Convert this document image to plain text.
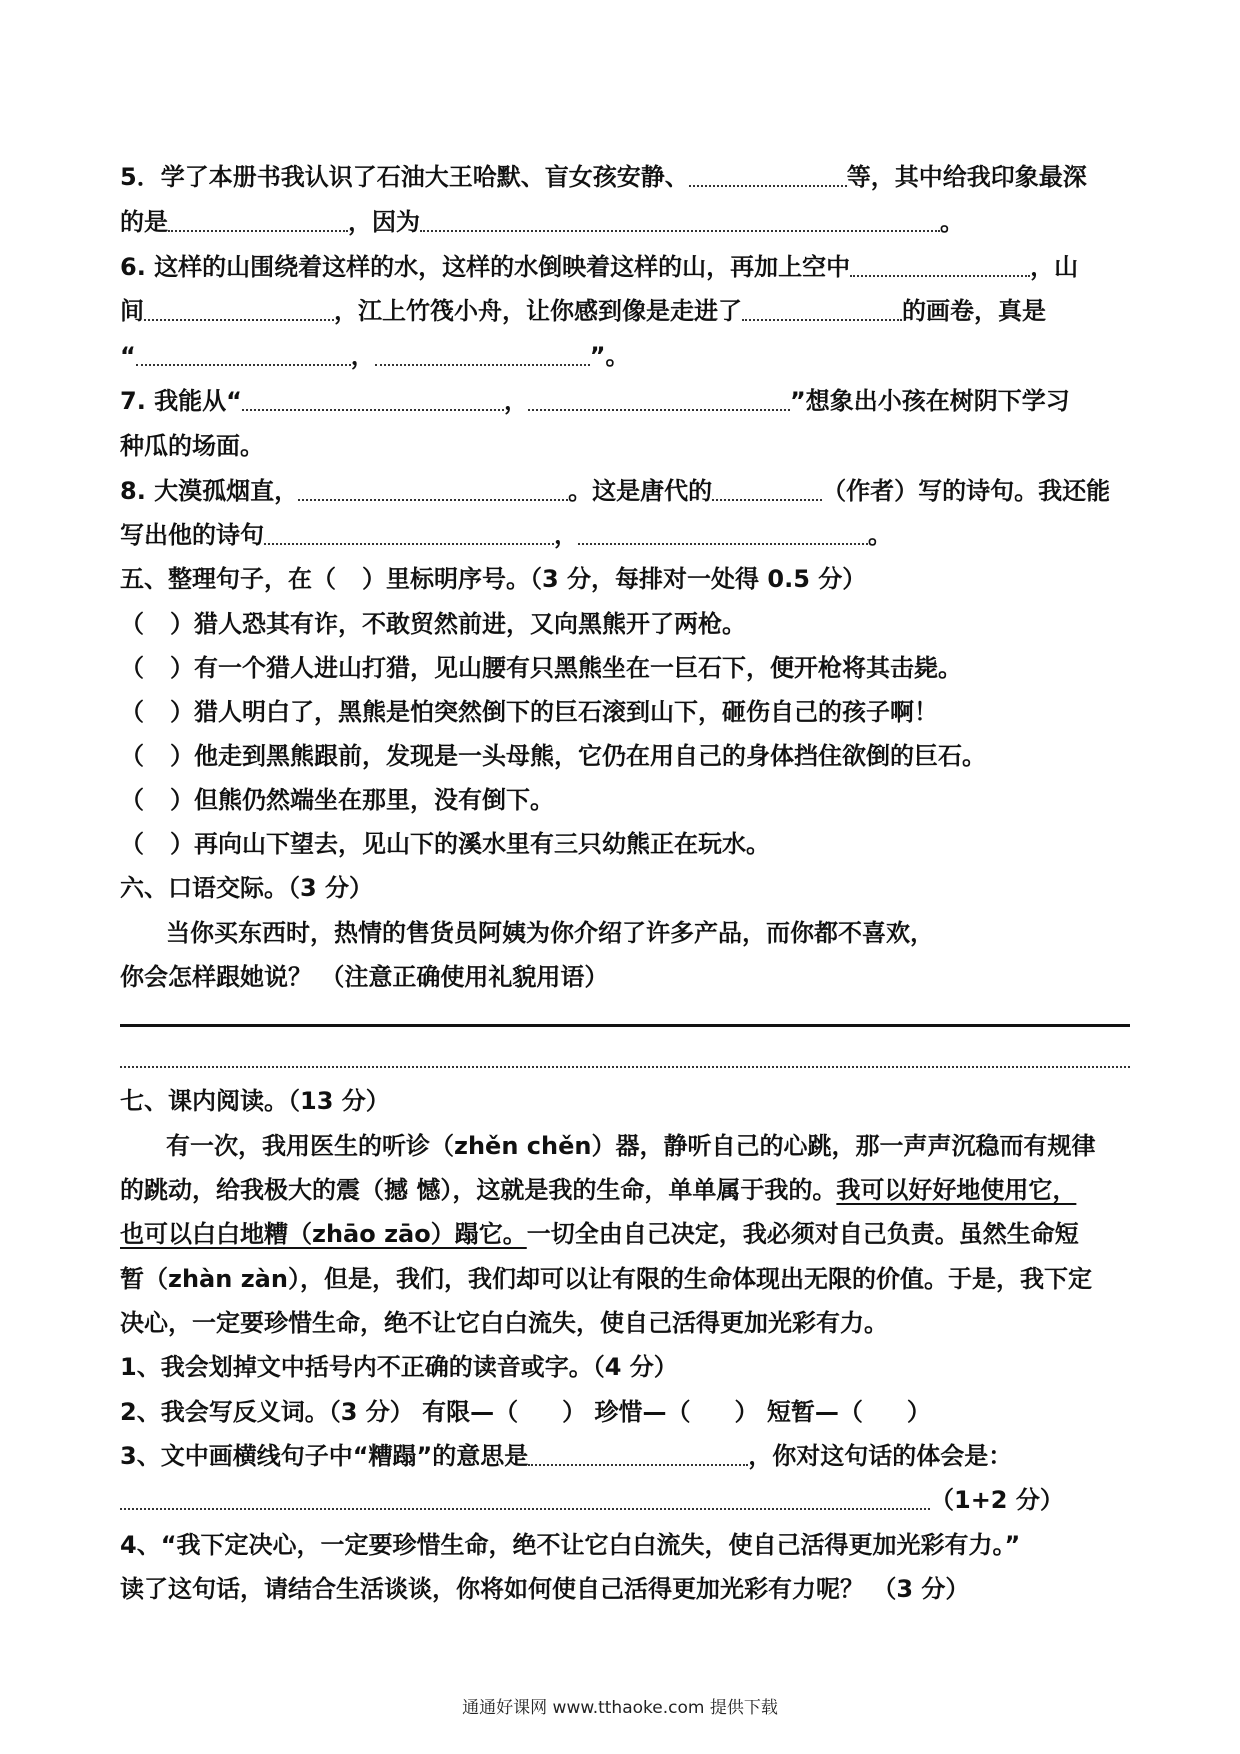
5．学了本册书我认识了石油大王哈默、盲女孩安静、	等，其中给我印象最深
的是	，因为	。
6. 这样的山围绕着这样的水，这样的水倒映着这样的山，再加上空中	，山
间	，江上竹筏小舟，让你感到像是走进了	的画卷，真是
“	，	”。
7. 我能从“	，	”想象出小孩在树阴下学习
种瓜的场面。
8. 大漠孤烟直，	。这是唐代的	（作者）写的诗句。我还能
写出他的诗句	，	。
五、整理句子，在（ ）里标明序号。（3 分，每排对一处得 0.5 分）
（ ）猎人恐其有诈，不敢贸然前进，又向黑熊开了两枪。
（ ）有一个猎人进山打猎，见山腰有只黑熊坐在一巨石下，便开枪将其击毙。
（ ）猎人明白了，黑熊是怕突然倒下的巨石滚到山下，砸伤自己的孩子啊！
（ ）他走到黑熊跟前，发现是一头母熊，它仍在用自己的身体挡住欲倒的巨石。
（ ）但熊仍然端坐在那里，没有倒下。
（ ）再向山下望去，见山下的溪水里有三只幼熊正在玩水。
六、口语交际。（3 分）
当你买东西时，热情的售货员阿姨为你介绍了许多产品，而你都不喜欢，
你会怎样跟她说？ （注意正确使用礼貌用语）
七、课内阅读。（13 分）
有一次，我用医生的听诊（zhěn chěn）器，静听自己的心跳，那一声声沉稳而有规律
的跳动，给我极大的震（撼 憾），这就是我的生命，单单属于我的。我可以好好地使用它，
也可以白白地糟（zhāo zāo）蹋它。一切全由自己决定，我必须对自己负责。虽然生命短
暂（zhàn zàn），但是，我们，我们却可以让有限的生命体现出无限的价值。于是，我下定
决心，一定要珍惜生命，绝不让它白白流失，使自己活得更加光彩有力。
1、我会划掉文中括号内不正确的读音或字。（4 分）
2、我会写反义词。（3 分） 有限—（ ） 珍惜—（ ） 短暂—（ ）
3、文中画横线句子中“糟蹋”的意思是	，你对这句话的体会是：
（1+2 分）
4、“我下定决心，一定要珍惜生命，绝不让它白白流失，使自己活得更加光彩有力。”
读了这句话，请结合生活谈谈，你将如何使自己活得更加光彩有力呢？ （3 分）
通通好课网 www.tthaoke.com 提供下载
